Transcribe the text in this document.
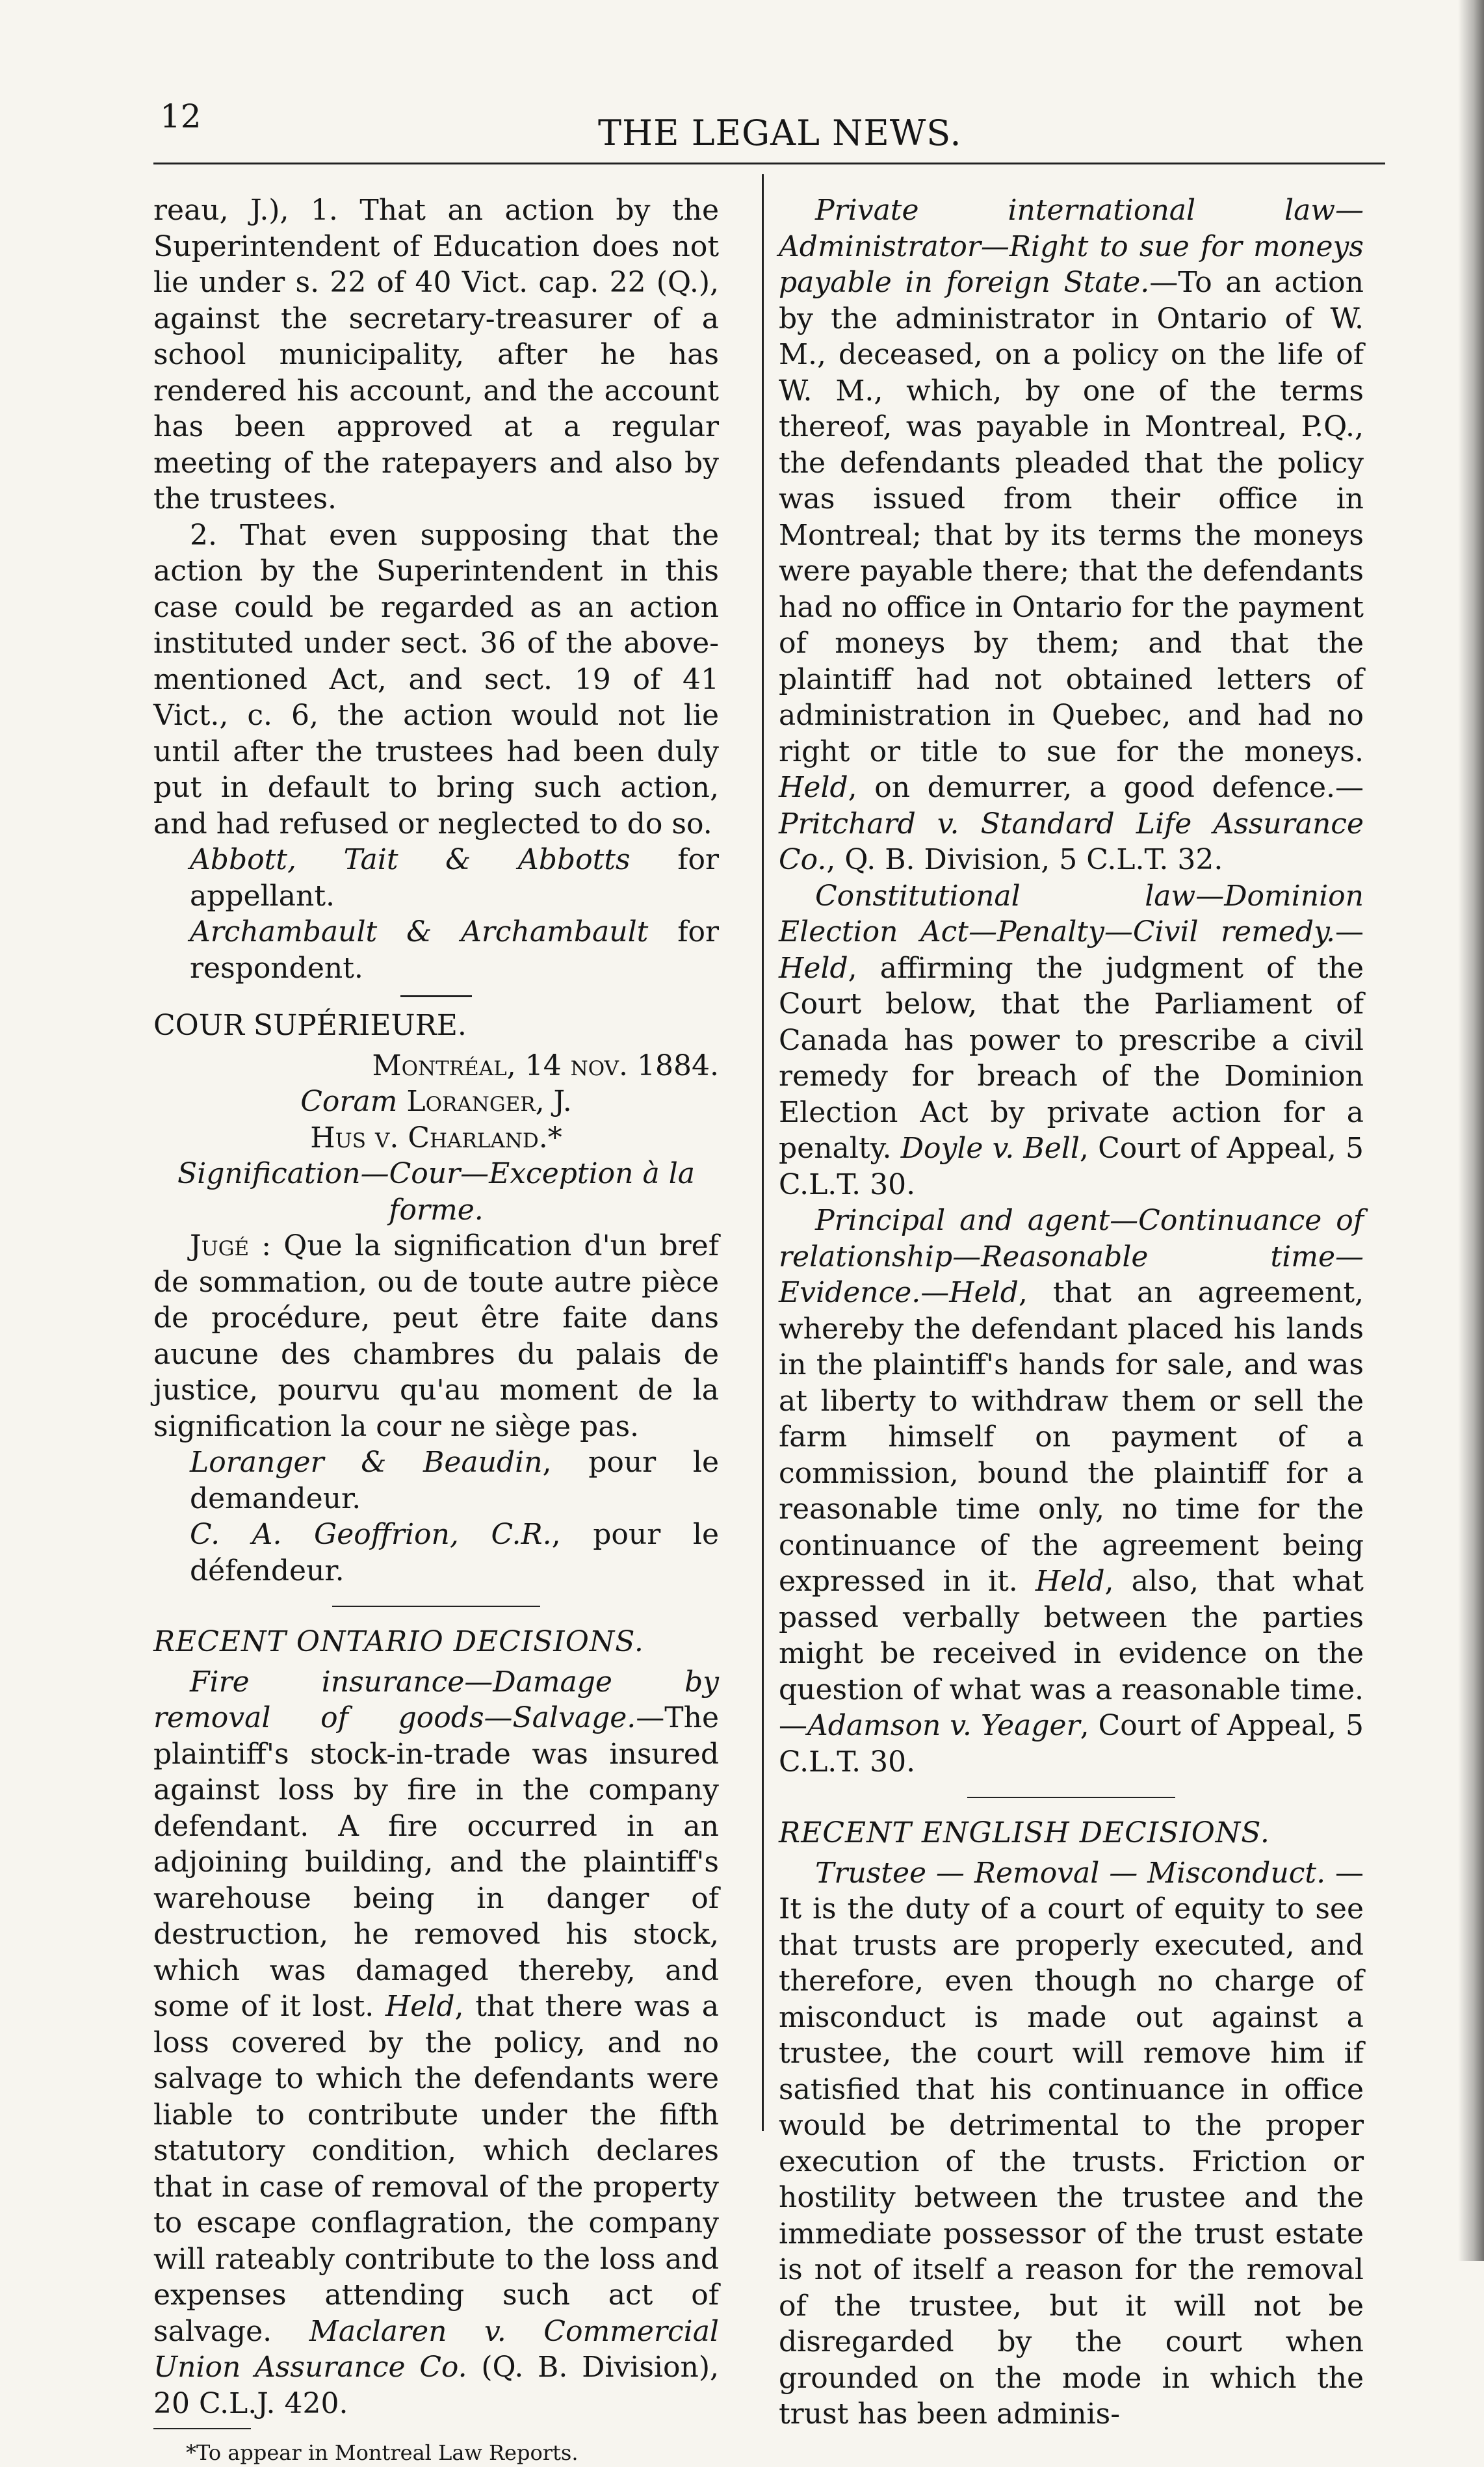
12	THE LEGAL NEWS.

reau, J.), 1. That an action by the Superintendent of Education does not lie under s. 22 of 40 Vict. cap. 22 (Q.), against the secretary-treasurer of a school municipality, after he has rendered his account, and the account has been approved at a regular meeting of the ratepayers and also by the trustees.

2. That even supposing that the action by the Superintendent in this case could be regarded as an action instituted under sect. 36 of the above-mentioned Act, and sect. 19 of 41 Vict., c. 6, the action would not lie until after the trustees had been duly put in default to bring such action, and had refused or neglected to do so.

Abbott, Tait & Abbotts for appellant.

Archambault & Archambault for respondent.

COUR SUPÉRIEURE.

Montréal, 14 nov. 1884.

Coram Loranger, J.

Hus v. Charland.*

Signification—Cour—Exception à la forme.

Jugé : Que la signification d'un bref de sommation, ou de toute autre pièce de procédure, peut être faite dans aucune des chambres du palais de justice, pourvu qu'au moment de la signification la cour ne siège pas.

Loranger & Beaudin, pour le demandeur.

C. A. Geoffrion, C.R., pour le défendeur.

RECENT ONTARIO DECISIONS.

Fire insurance—Damage by removal of goods—Salvage.—The plaintiff's stock-in-trade was insured against loss by fire in the company defendant. A fire occurred in an adjoining building, and the plaintiff's warehouse being in danger of destruction, he removed his stock, which was damaged thereby, and some of it lost. Held, that there was a loss covered by the policy, and no salvage to which the defendants were liable to contribute under the fifth statutory condition, which declares that in case of removal of the property to escape conflagration, the company will rateably contribute to the loss and expenses attending such act of salvage. Maclaren v. Commercial Union Assurance Co. (Q. B. Division), 20 C.L.J. 420.

*To appear in Montreal Law Reports.

Private international law—Administrator—Right to sue for moneys payable in foreign State.—To an action by the administrator in Ontario of W. M., deceased, on a policy on the life of W. M., which, by one of the terms thereof, was payable in Montreal, P.Q., the defendants pleaded that the policy was issued from their office in Montreal; that by its terms the moneys were payable there; that the defendants had no office in Ontario for the payment of moneys by them; and that the plaintiff had not obtained letters of administration in Quebec, and had no right or title to sue for the moneys. Held, on demurrer, a good defence.—Pritchard v. Standard Life Assurance Co., Q. B. Division, 5 C.L.T. 32.

Constitutional law—Dominion Election Act—Penalty—Civil remedy.—Held, affirming the judgment of the Court below, that the Parliament of Canada has power to prescribe a civil remedy for breach of the Dominion Election Act by private action for a penalty. Doyle v. Bell, Court of Appeal, 5 C.L.T. 30.

Principal and agent—Continuance of relationship—Reasonable time—Evidence.—Held, that an agreement, whereby the defendant placed his lands in the plaintiff's hands for sale, and was at liberty to withdraw them or sell the farm himself on payment of a commission, bound the plaintiff for a reasonable time only, no time for the continuance of the agreement being expressed in it. Held, also, that what passed verbally between the parties might be received in evidence on the question of what was a reasonable time.—Adamson v. Yeager, Court of Appeal, 5 C.L.T. 30.

RECENT ENGLISH DECISIONS.

Trustee — Removal — Misconduct. — It is the duty of a court of equity to see that trusts are properly executed, and therefore, even though no charge of misconduct is made out against a trustee, the court will remove him if satisfied that his continuance in office would be detrimental to the proper execution of the trusts. Friction or hostility between the trustee and the immediate possessor of the trust estate is not of itself a reason for the removal of the trustee, but it will not be disregarded by the court when grounded on the mode in which the trust has been adminis-
